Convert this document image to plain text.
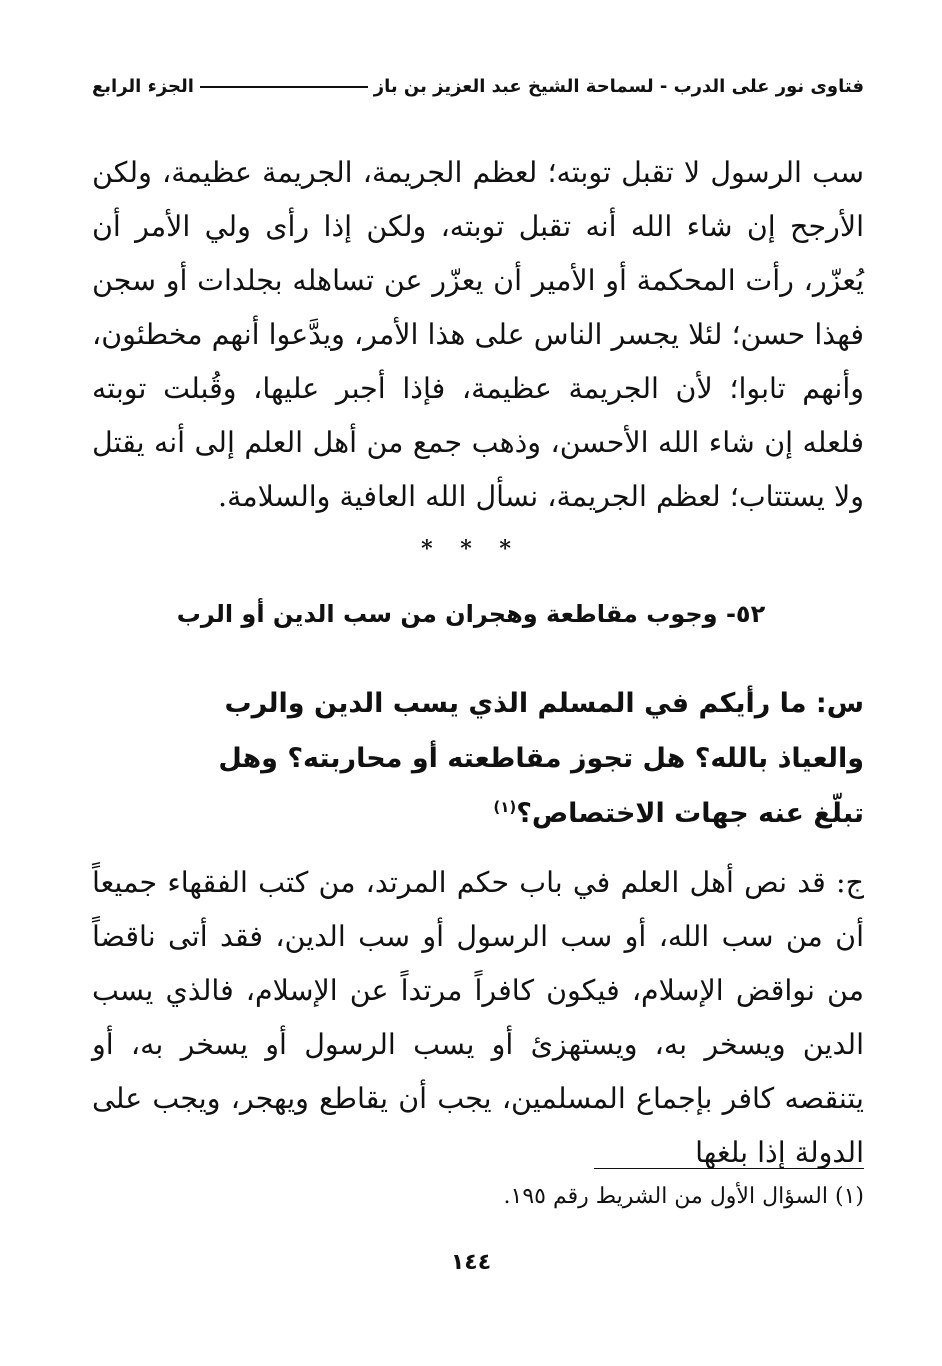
فتاوى نور على الدرب - لسماحة الشيخ عبد العزيز بن باز
الجزء الرابع
سب الرسول لا تقبل توبته؛ لعظم الجريمة، الجريمة عظيمة، ولكن الأرجح إن شاء الله أنه تقبل توبته، ولكن إذا رأى ولي الأمر أن يُعزّر، رأت المحكمة أو الأمير أن يعزّر عن تساهله بجلدات أو سجن فهذا حسن؛ لئلا يجسر الناس على هذا الأمر، ويدَّعوا أنهم مخطئون، وأنهم تابوا؛ لأن الجريمة عظيمة، فإذا أجبر عليها، وقُبلت توبته فلعله إن شاء الله الأحسن، وذهب جمع من أهل العلم إلى أنه يقتل ولا يستتاب؛ لعظم الجريمة، نسأل الله العافية والسلامة.
* * *
٥٢- وجوب مقاطعة وهجران من سب الدين أو الرب
س: ما رأيكم في المسلم الذي يسب الدين والرب والعياذ بالله؟ هل تجوز مقاطعته أو محاربته؟ وهل تبلّغ عنه جهات الاختصاص؟$^{(١)}$
ج: قد نص أهل العلم في باب حكم المرتد، من كتب الفقهاء جميعاً أن من سب الله، أو سب الرسول أو سب الدين، فقد أتى ناقضاً من نواقض الإسلام، فيكون كافراً مرتداً عن الإسلام، فالذي يسب الدين ويسخر به، ويستهزئ أو يسب الرسول أو يسخر به، أو يتنقصه كافر بإجماع المسلمين، يجب أن يقاطع ويهجر، ويجب على الدولة إذا بلغها
(١) السؤال الأول من الشريط رقم ١٩٥.
١٤٤
